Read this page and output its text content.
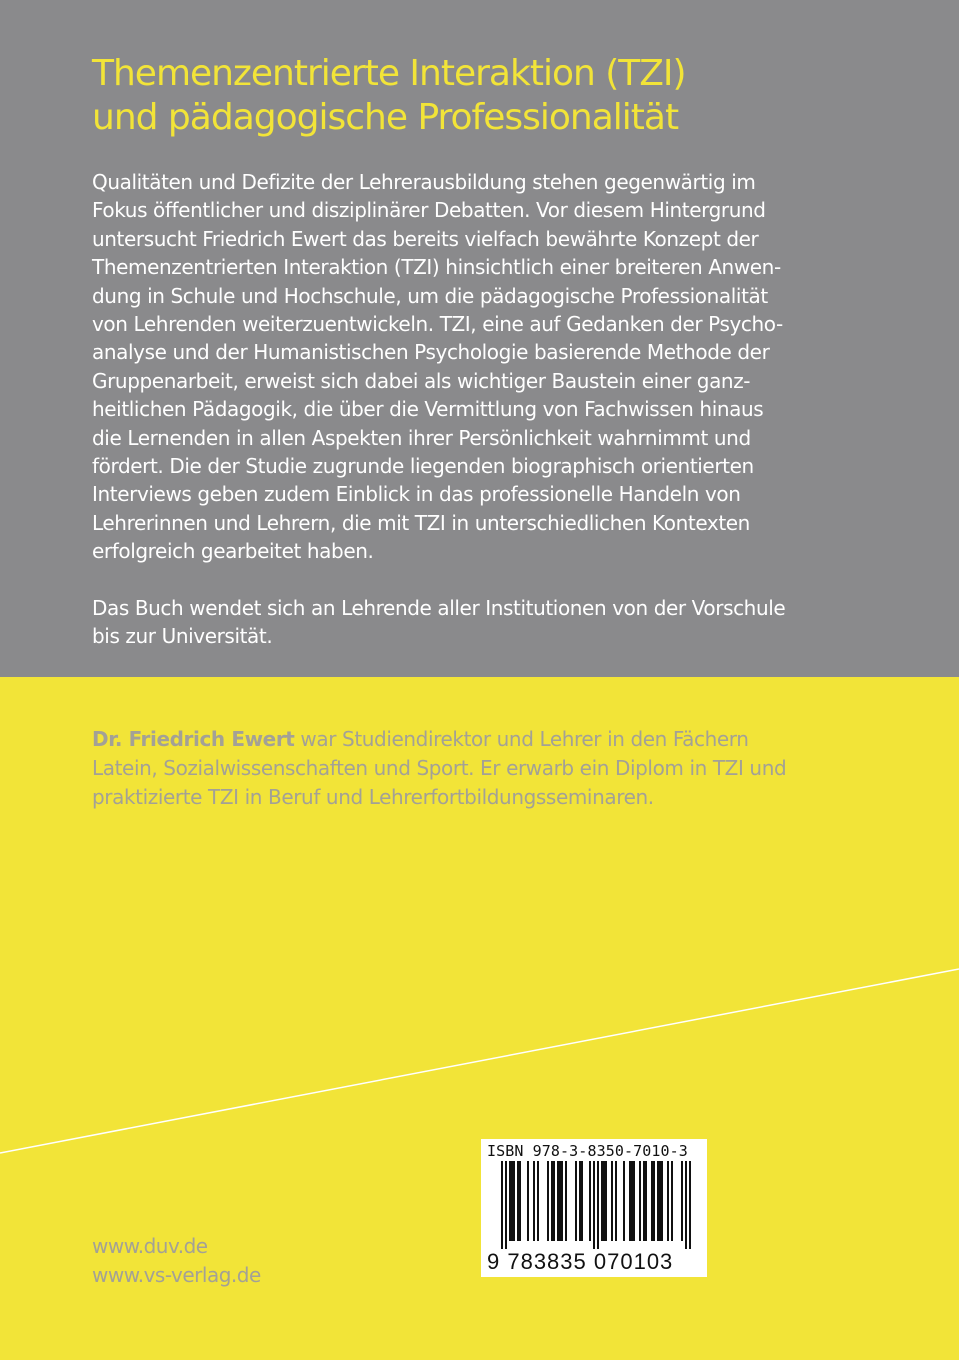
Themenzentrierte Interaktion (TZI)
und pädagogische Professionalität
Qualitäten und Defizite der Lehrerausbildung stehen gegenwärtig im
Fokus öffentlicher und disziplinärer Debatten. Vor diesem Hintergrund
untersucht Friedrich Ewert das bereits vielfach bewährte Konzept der
Themenzentrierten Interaktion (TZI) hinsichtlich einer breiteren Anwen-
dung in Schule und Hochschule, um die pädagogische Professionalität
von Lehrenden weiterzuentwickeln. TZI, eine auf Gedanken der Psycho-
analyse und der Humanistischen Psychologie basierende Methode der
Gruppenarbeit, erweist sich dabei als wichtiger Baustein einer ganz-
heitlichen Pädagogik, die über die Vermittlung von Fachwissen hinaus
die Lernenden in allen Aspekten ihrer Persönlichkeit wahrnimmt und
fördert. Die der Studie zugrunde liegenden biographisch orientierten
Interviews geben zudem Einblick in das professionelle Handeln von
Lehrerinnen und Lehrern, die mit TZI in unterschiedlichen Kontexten
erfolgreich gearbeitet haben.
Das Buch wendet sich an Lehrende aller Institutionen von der Vorschule
bis zur Universität.
Dr. Friedrich Ewert war Studiendirektor und Lehrer in den Fächern
Latein, Sozialwissenschaften und Sport. Er erwarb ein Diplom in TZI und
praktizierte TZI in Beruf und Lehrerfortbildungsseminaren.
www.duv.de
www.vs-verlag.de
ISBN 978-3-8350-7010-3
9 783835 070103
